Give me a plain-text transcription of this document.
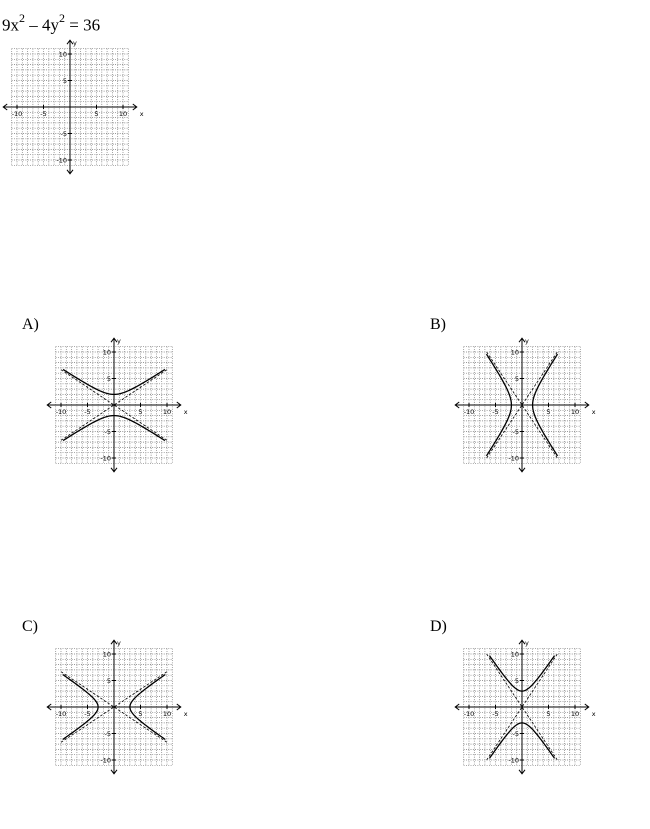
$9x^2 - 4y^2 = 36$
-10	-5	5	10
10
5
-5
-10
x
y
A)
-10	-5	5	10
10
5
-5
-10
x
y
B)
-10	-5	5	10
10
5
-5
-10
x
y
C)
-10	-5	5	10
10
5
-5
-10
x
y
D)
-10	-5	5	10
10
5
-5
-10
x
y
